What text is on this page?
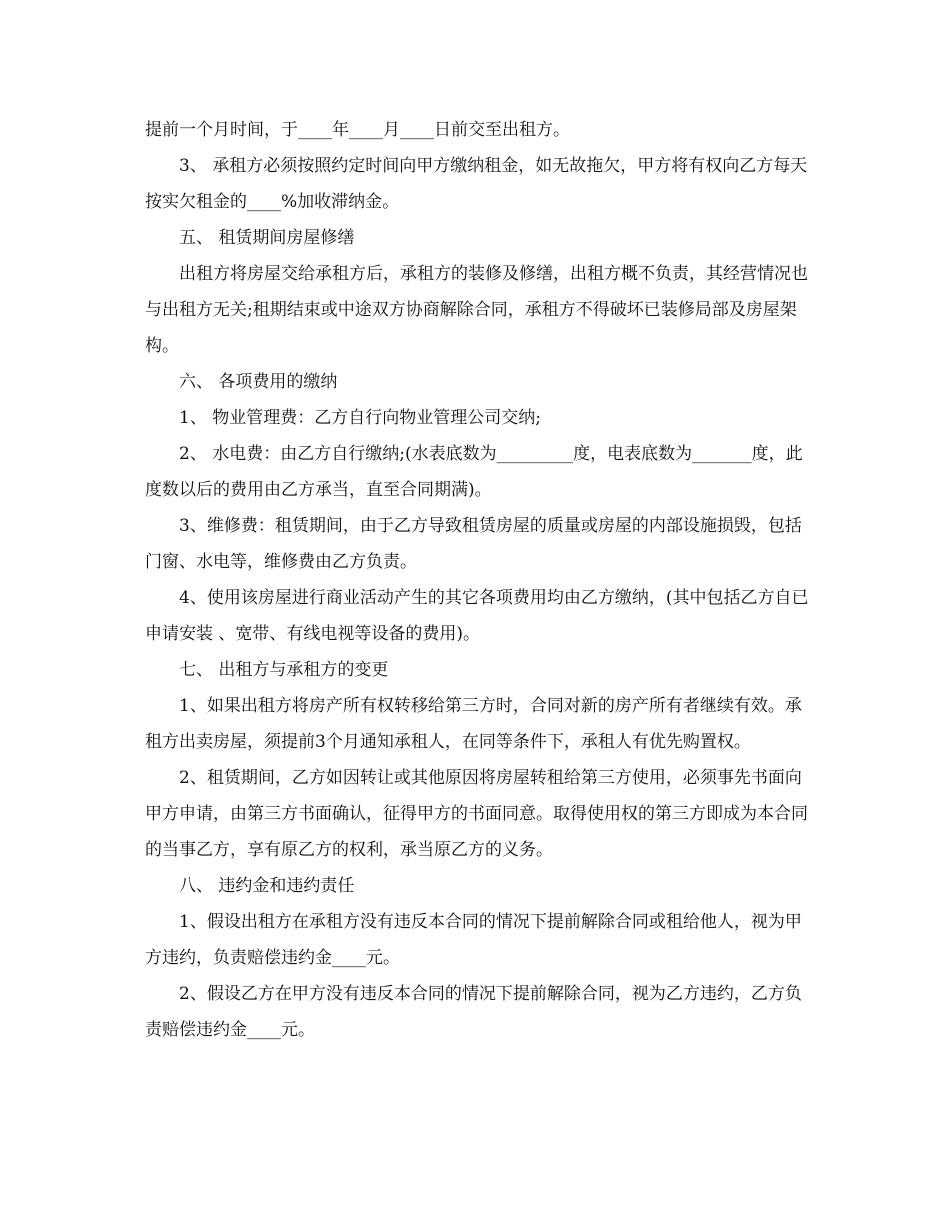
提前一个月时间，于____年____月____日前交至出租方。

3、 承租方必须按照约定时间向甲方缴纳租金，如无故拖欠，甲方将有权向乙方每天按实欠租金的____%加收滞纳金。

五、 租赁期间房屋修缮

出租方将房屋交给承租方后，承租方的装修及修缮，出租方概不负责，其经营情况也与出租方无关;租期结束或中途双方协商解除合同，承租方不得破坏已装修局部及房屋架构。

六、 各项费用的缴纳

1、 物业管理费：乙方自行向物业管理公司交纳;

2、 水电费：由乙方自行缴纳;(水表底数为_________度，电表底数为_______度，此度数以后的费用由乙方承当，直至合同期满)。

3、维修费：租赁期间，由于乙方导致租赁房屋的质量或房屋的内部设施损毁，包括门窗、水电等，维修费由乙方负责。

4、使用该房屋进行商业活动产生的其它各项费用均由乙方缴纳，(其中包括乙方自已申请安装 、宽带、有线电视等设备的费用)。

七、 出租方与承租方的变更

1、如果出租方将房产所有权转移给第三方时，合同对新的房产所有者继续有效。承租方出卖房屋，须提前3个月通知承租人，在同等条件下，承租人有优先购置权。

2、租赁期间，乙方如因转让或其他原因将房屋转租给第三方使用，必须事先书面向甲方申请，由第三方书面确认，征得甲方的书面同意。取得使用权的第三方即成为本合同的当事乙方，享有原乙方的权利，承当原乙方的义务。

八、 违约金和违约责任

1、假设出租方在承租方没有违反本合同的情况下提前解除合同或租给他人，视为甲方违约，负责赔偿违约金____元。

2、假设乙方在甲方没有违反本合同的情况下提前解除合同，视为乙方违约，乙方负责赔偿违约金____元。
